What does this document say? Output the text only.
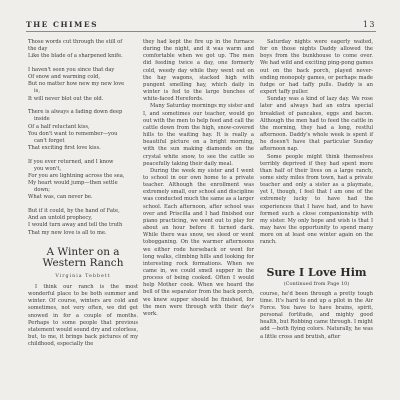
THE CHIMES	13

Those words cut through the still of

the day

Like the blade of a sharpened knife.

I haven't seen you since that day

Of snow and warming cold,

But no matter how new my new love

is,

It will never blot out the old.

There is always a fading down deep

inside

Of a half reluctant kiss,

You don't want to remember—you

can't forget

That exciting first love kiss.

If you ever returned, and I know

you won't,

For you are lightning across the sea,

My heart would jump—then settle

down;

What was, can never be.

But if it could, by the hand of Fate,

And an untold prophecy,

I would turn away and tell the truth

That my new love is all to me.

A Winter on a Western Ranch
Virginia Tebbett

I think our ranch is the most wonderful place to be both summer and winter. Of course, winters are cold and sometimes, not very often, we did get snowed in for a couple of months. Perhaps to some people that previous statement would sound dry and colorless, but, to me, it brings back pictures of my childhood, especially the

they had kept the fire up in the furnace during the night, and it was warm and comfortable when we got up. The men did feeding twice a day, one formerly cold, weedy day while they went out on the hay wagons, stacked high with pungent smelling hay, which daily in winter is fed to the large bunches of white-faced Herefords.

Many Saturday mornings my sister and I, and sometimes our teacher, would go out with the men to help feed and call the cattle down from the high, snow-covered hills to the waiting hay. It is really a beautiful picture on a bright morning, with the sun making diamonds on the crystal white snow, to see the cattle so peacefully taking their daily meal.

During the week my sister and I went to school in our own home to a private teacher. Although the enrollment was extremely small, our school and discipline was conducted much the same as a larger school. Each afternoon, after school was over and Priscilla and I had finished our piano practicing, we went out to play for about an hour before it turned dark. While there was snow, we sleed or went tobogganing. On the warmer afternoons we either rode horseback or went for long walks, climbing hills and looking for interesting rock formations. When we came in, we could smell supper in the process of being cooked. Often I would help Mother cook. When we heard the bell of the separator from the back porch, we knew supper should be finished, for the men were through with their day's work.

Saturday nights were eagerly waited, for on those nights Daddy allowed the boys from the bunkhouse to come over. We had wild and exciting ping-pong games out on the back porch, played never-ending monopoly games, or perhaps made fudge or had taffy pulls. Daddy is an expert taffy puller.

Sunday was a kind of lazy day. We rose later and always had an extra special breakfast of pancakes, eggs and bacon. Although the men had to feed the cattle in the morning, they had a long, restful afternoon. Daddy's whole week is spent if he doesn't have that particular Sunday afternoon nap.

Some people might think themselves terribly deprived if they had spent more than half of their lives on a large ranch, some sixty miles from town, had a private teacher and only a sister as a playmate, yet I, though, I feel that I am one of the extremely lucky to have had the experiences that I have had, and to have formed such a close companionship with my sister. My only hope and wish is that I may have the opportunity to spend many more on at least one winter again on the ranch.

Sure I Love Him
(Continued from Page 10)

course, he'd been through a pretty tough time. It's hard to end up a pilot in the Air Force. You have to have brains, spirit, personal fortitude, and mighty good health, but Robbing came through. I might add —both flying colors. Naturally, he was a little cross and brutish, after
